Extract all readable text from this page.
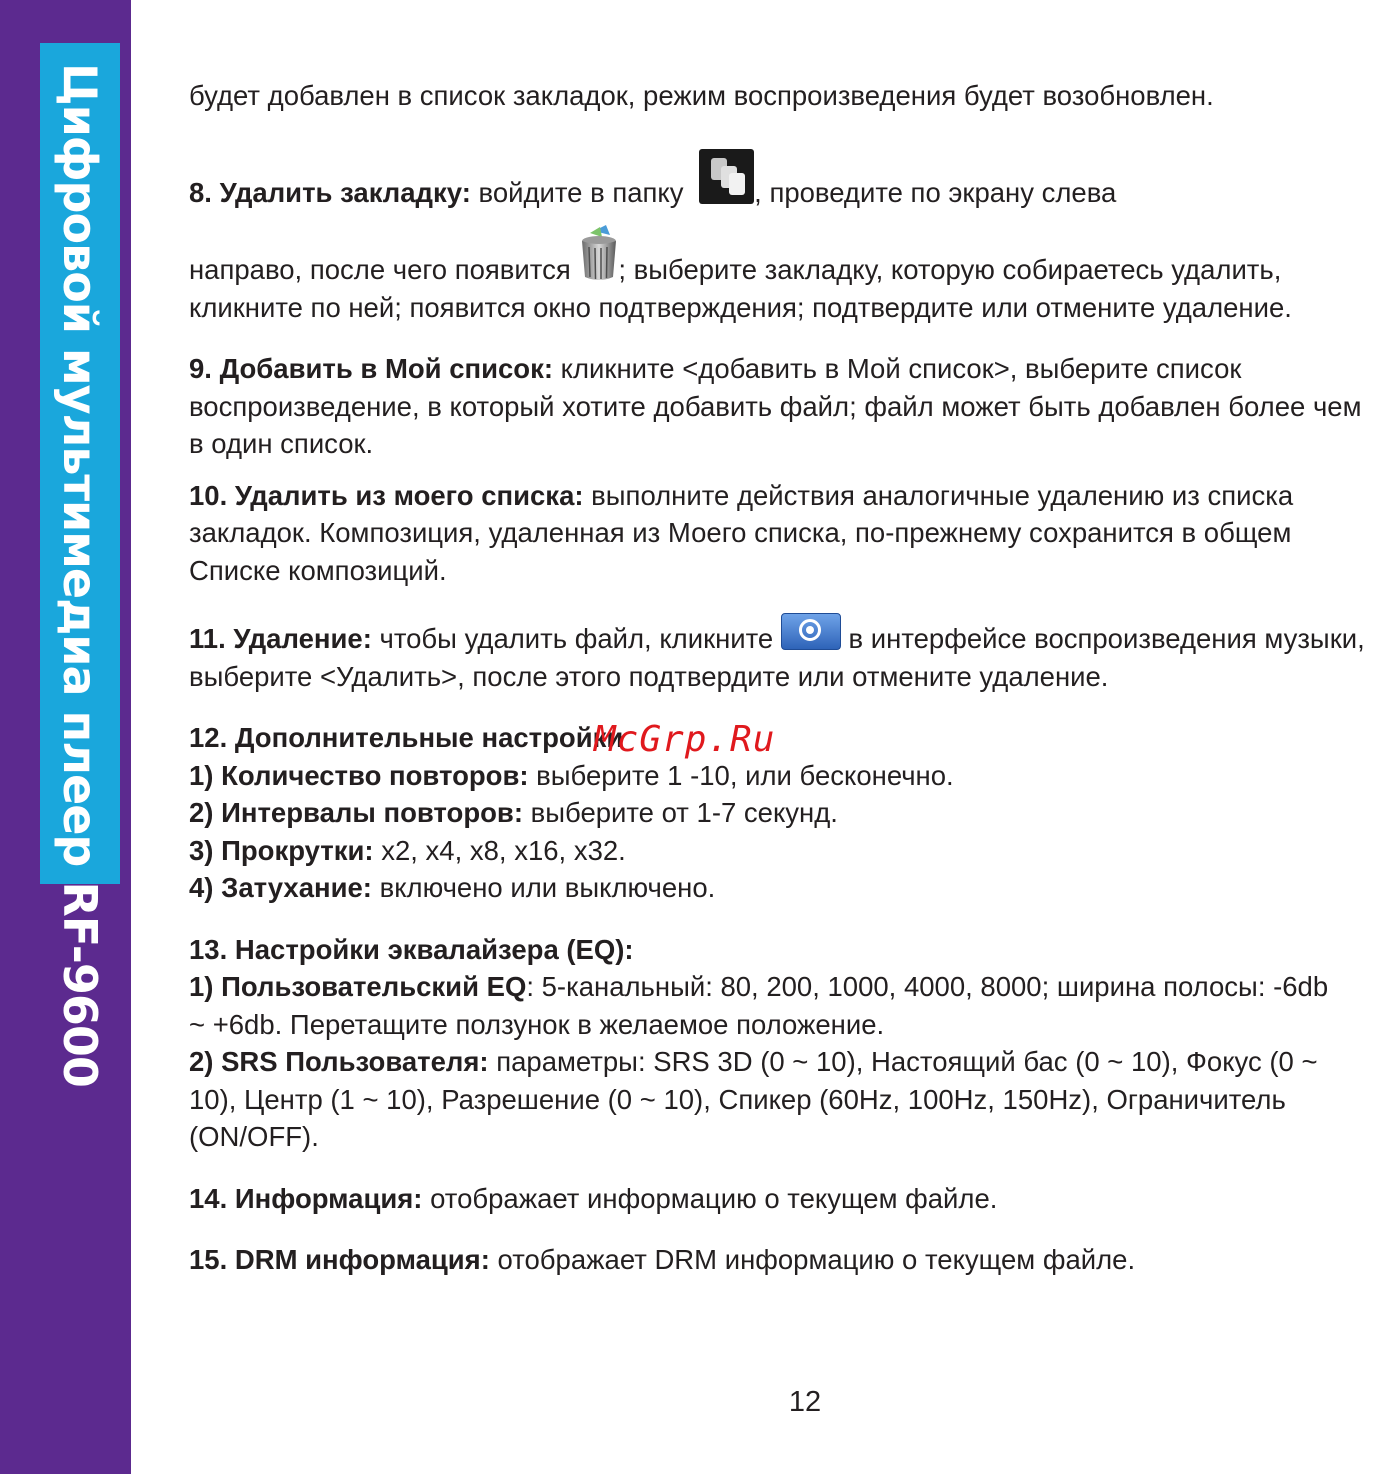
Цифровой мультимедиа плеер RF-9600	будет добавлен в список закладок, режим воспроизведения будет возобновлен.

8. Удалить закладку: войдите в папку
, проведите по экрану слева

направо, после чего появится ; выберите закладку, которую собираетесь удалить, кликните по ней; появится окно подтверждения; подтвердите или отмените удаление.

9. Добавить в Мой список: кликните <добавить в Мой список>, выберите список воспроизведение, в который хотите добавить файл; файл может быть добавлен более чем в один список.

10. Удалить из моего списка: выполните действия аналогичные удалению из списка закладок. Композиция, удаленная из Моего списка, по-прежнему сохранится в общем Списке композиций.

11. Удаление: чтобы удалить файл, кликните
в интерфейсе воспроизведения музыки, выберите <Удалить>, после этого подтвердите или отмените удаление.

12. Дополнительные настройки

1) Количество повторов: выберите 1 -10, или бесконечно.

2) Интервалы повторов: выберите от 1-7 секунд.

3) Прокрутки: x2, x4, x8, x16, x32.

4) Затухание: включено или выключено.

13. Настройки эквалайзера (EQ):

1) Пользовательский EQ: 5-канальный: 80, 200, 1000, 4000, 8000; ширина полосы: -6db ~ +6db. Перетащите ползунок в желаемое положение.

2) SRS Пользователя: параметры: SRS 3D (0 ~ 10), Настоящий бас (0 ~ 10), Фокус (0 ~ 10), Центр (1 ~ 10), Разрешение (0 ~ 10), Спикер (60Hz, 100Hz, 150Hz), Ограничитель (ON/OFF).

14. Информация: отображает информацию о текущем файле.

15. DRM информация: отображает DRM информацию о текущем файле.

McGrp.Ru
12
